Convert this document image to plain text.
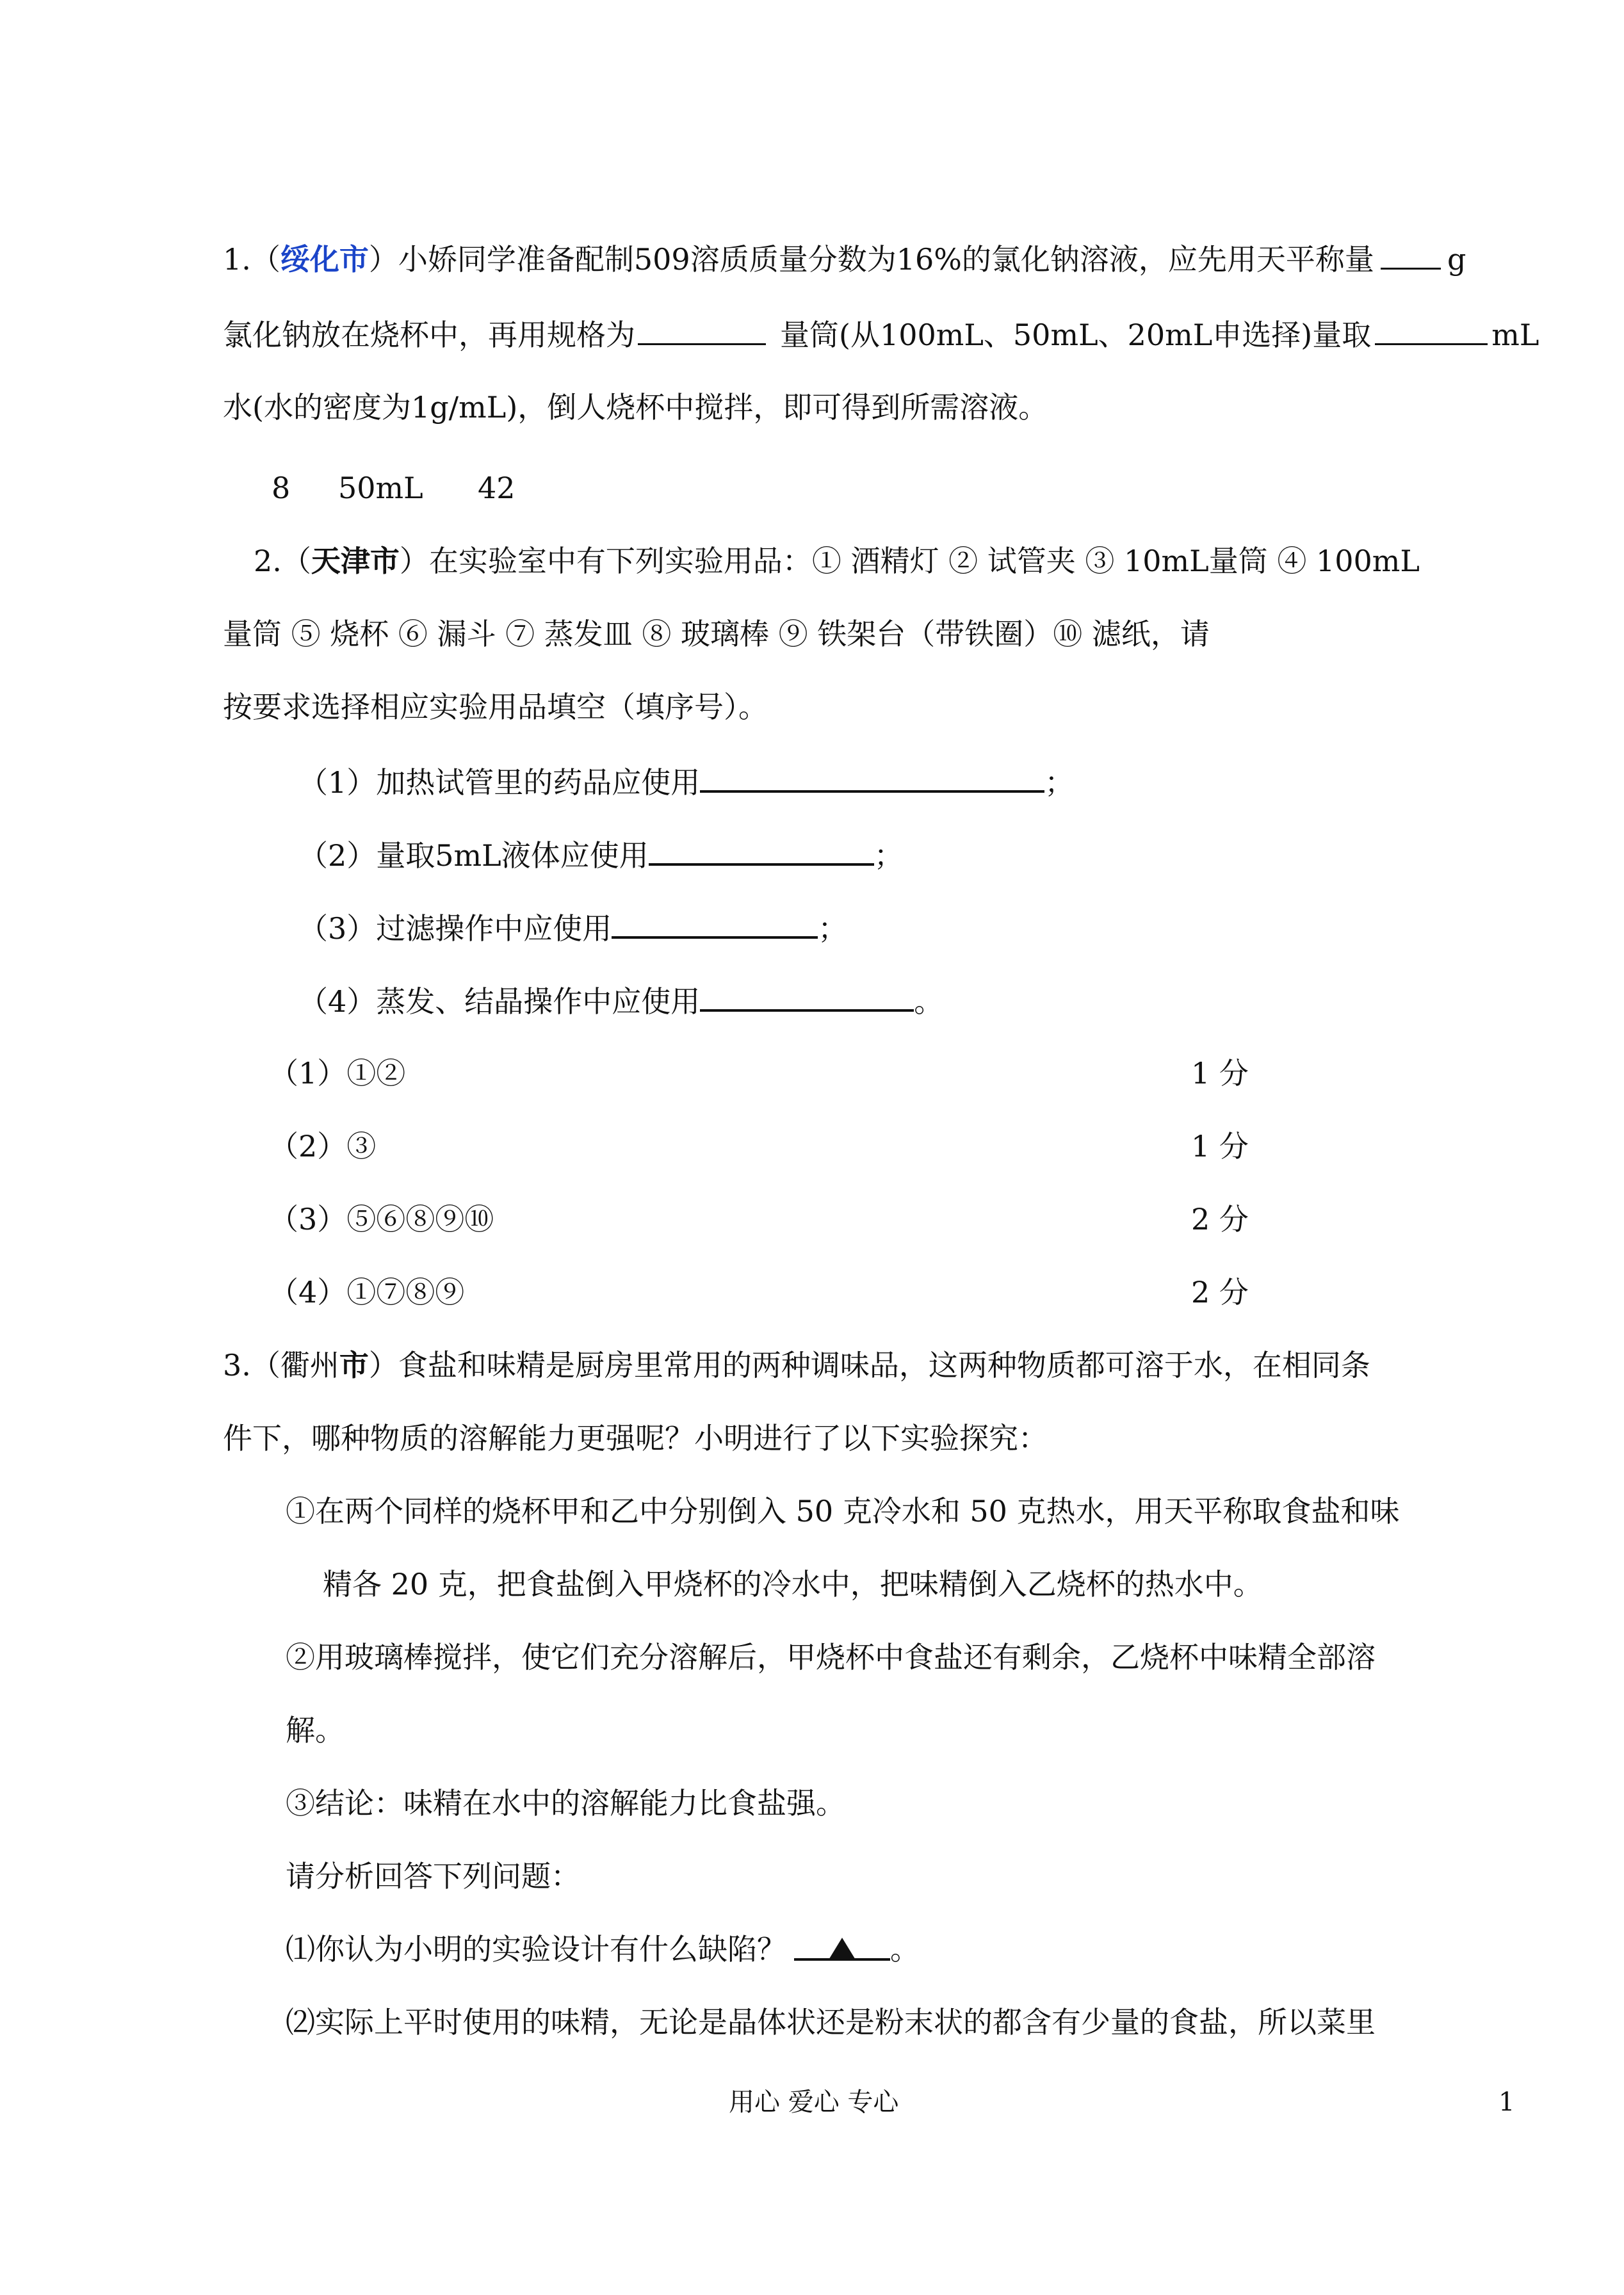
1.（绥化市）小娇同学准备配制509溶质质量分数为16%的氯化钠溶液，应先用天平称量 g
氯化钠放在烧杯中，再用规格为	量筒(从100mL、50mL、20mL申选择)量取	mL
水(水的密度为1g/mL)，倒人烧杯中搅拌，即可得到所需溶液。
8 50mL 42
2.（天津市）在实验室中有下列实验用品：① 酒精灯 ② 试管夹 ③ 10mL量筒 ④ 100mL
量筒 ⑤ 烧杯 ⑥ 漏斗 ⑦ 蒸发皿 ⑧ 玻璃棒 ⑨ 铁架台（带铁圈）⑩ 滤纸，请
按要求选择相应实验用品填空（填序号）。
（1）加热试管里的药品应使用	；
（2）量取5mL液体应使用	；
（3）过滤操作中应使用	；
（4）蒸发、结晶操作中应使用	。
（1）①②	1 分
（2）③	1 分
（3）⑤⑥⑧⑨⑩	2 分
（4）①⑦⑧⑨	2 分
3.（衢州市）食盐和味精是厨房里常用的两种调味品，这两种物质都可溶于水，在相同条
件下，哪种物质的溶解能力更强呢？小明进行了以下实验探究：
①在两个同样的烧杯甲和乙中分别倒入 50 克冷水和 50 克热水，用天平称取食盐和味
精各 20 克，把食盐倒入甲烧杯的冷水中，把味精倒入乙烧杯的热水中。
②用玻璃棒搅拌，使它们充分溶解后，甲烧杯中食盐还有剩余，乙烧杯中味精全部溶
解。
③结论：味精在水中的溶解能力比食盐强。
请分析回答下列问题：
⑴你认为小明的实验设计有什么缺陷？	。
⑵实际上平时使用的味精，无论是晶体状还是粉末状的都含有少量的食盐，所以菜里
用心 爱心 专心	1
